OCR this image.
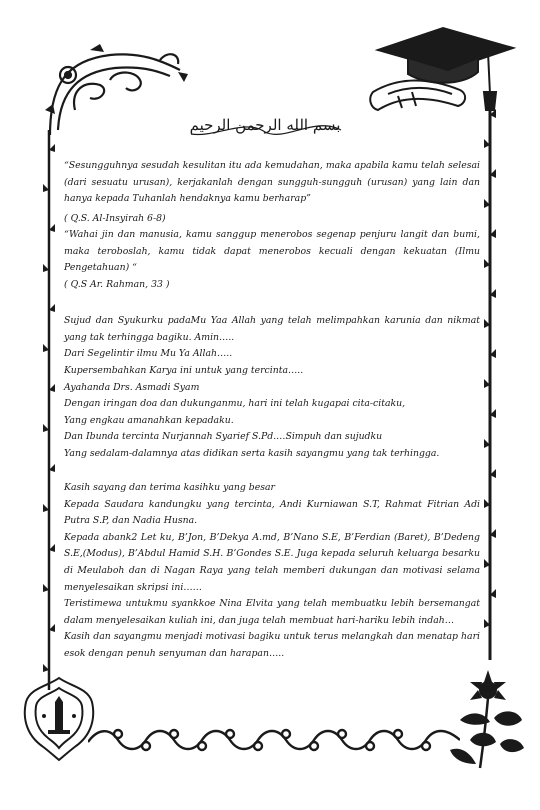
بسم الله الرحمن الرحيم

“Sesungguhnya sesudah kesulitan itu ada kemudahan, maka apabila kamu telah selesai (dari sesuatu urusan), kerjakanlah dengan sungguh-sungguh (urusan) yang lain dan hanya kepada Tuhanlah hendaknya kamu berharap”

( Q.S. Al-Insyirah 6-8)

“Wahai jin dan manusia, kamu sanggup menerobos segenap penjuru langit dan bumi, maka teroboslah, kamu tidak dapat menerobos kecuali dengan kekuatan (Ilmu Pengetahuan) “

( Q.S Ar. Rahman, 33 )

Sujud dan Syukurku padaMu Yaa Allah yang telah melimpahkan karunia dan nikmat yang tak terhingga bagiku. Amin…..

Dari Segelintir ilmu Mu Ya Allah…..

Kupersembahkan Karya ini untuk yang tercinta…..

Ayahanda Drs. Asmadi Syam

Dengan iringan doa dan dukunganmu, hari ini telah kugapai cita-citaku,

Yang engkau amanahkan kepadaku.

Dan Ibunda tercinta Nurjannah Syarief S.Pd.…Simpuh dan sujudku

Yang sedalam-dalamnya atas didikan serta kasih sayangmu yang tak terhingga.

Kasih sayang dan terima kasihku yang besar

Kepada Saudara kandungku yang tercinta, Andi Kurniawan S.T, Rahmat Fitrian Adi Putra S.P, dan Nadia Husna.

Kepada abank2 Let ku, B’Jon, B’Dekya A.md, B’Nano S.E, B’Ferdian (Baret), B’Dedeng S.E,(Modus), B’Abdul Hamid S.H. B’Gondes S.E. Juga kepada seluruh keluarga besarku di Meulaboh dan di Nagan Raya yang telah memberi dukungan dan motivasi selama menyelesaikan skripsi ini……

Teristimewa untukmu syankkoe Nina Elvita yang telah membuatku lebih bersemangat dalam menyelesaikan kuliah ini, dan juga telah membuat hari-hariku lebih indah…

Kasih dan sayangmu menjadi motivasi bagiku untuk terus melangkah dan menatap hari esok dengan penuh senyuman dan harapan…..
